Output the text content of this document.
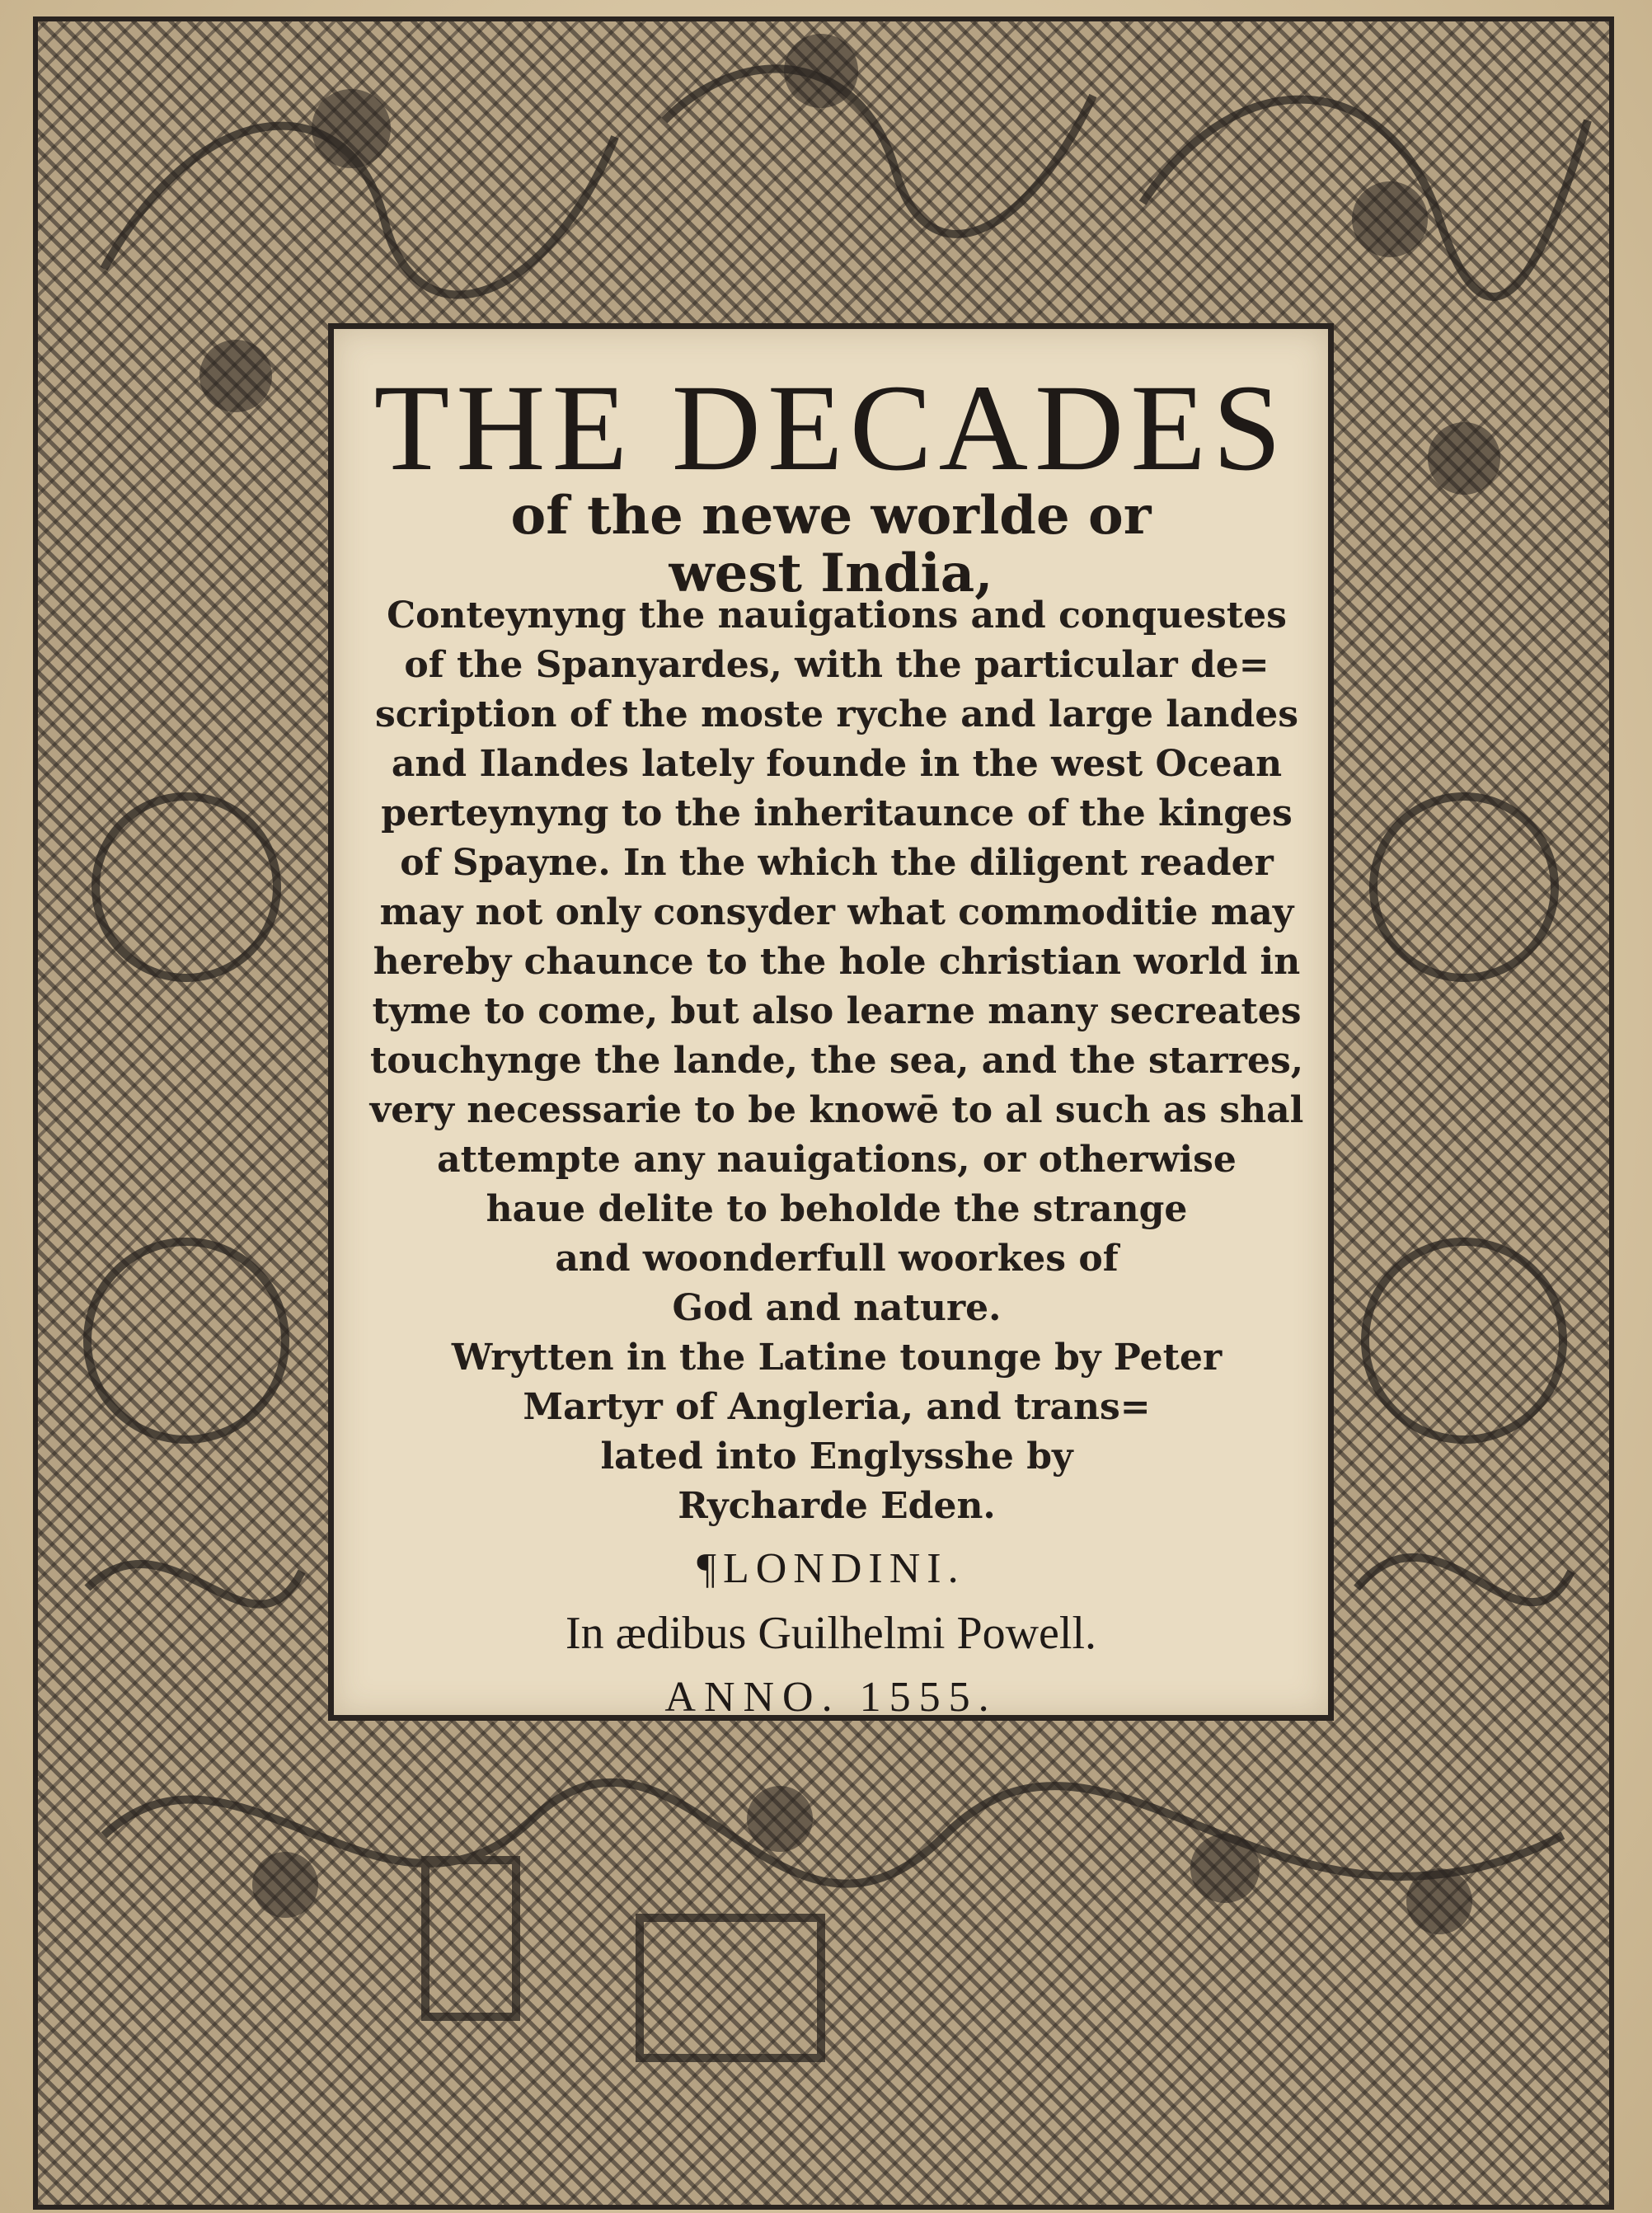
THE DECADES
of the newe worlde or
west India,
Conteynyng the nauigations and conquestes
of the Spanyardes, with the particular de=
scription of the moste ryche and large landes
and Ilandes lately founde in the west Ocean
perteynyng to the inheritaunce of the kinges
of Spayne. In the which the diligent reader
may not only consyder what commoditie may
hereby chaunce to the hole christian world in
tyme to come, but also learne many secreates
touchynge the lande, the sea, and the starres,
very necessarie to be knowē to al such as shal
attempte any nauigations, or otherwise
haue delite to beholde the strange
and woonderfull woorkes of
God and nature.
Wrytten in the Latine tounge by Peter
Martyr of Angleria, and trans=
lated into Englysshe by
Rycharde Eden.
¶LONDINI.
In ædibus Guilhelmi Powell.
ANNO. 1555.
